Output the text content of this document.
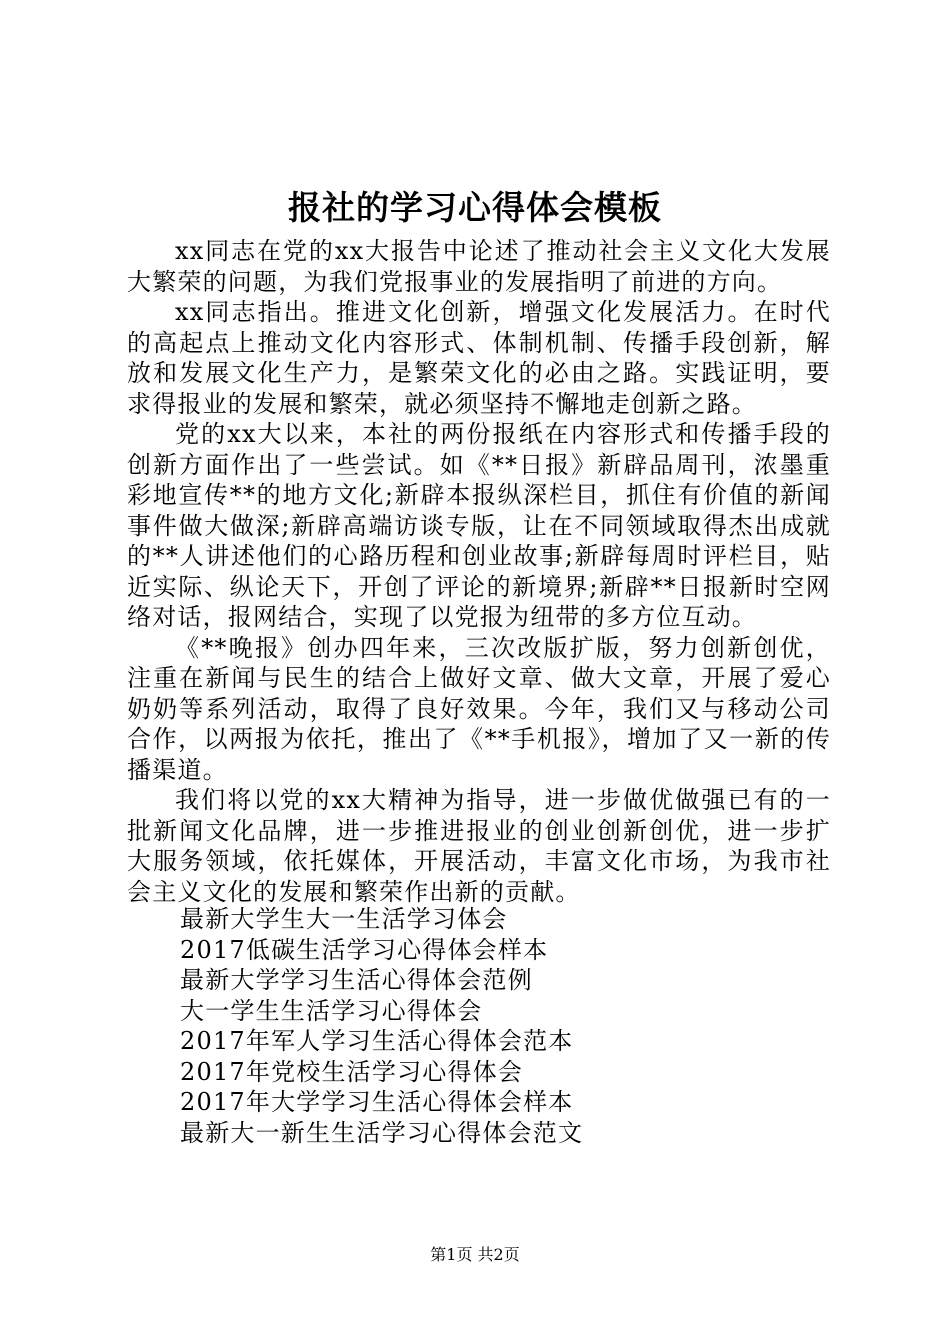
报社的学习心得体会模板

xx同志在党的xx大报告中论述了推动社会主义文化大发展大繁荣的问题，为我们党报事业的发展指明了前进的方向。

xx同志指出。推进文化创新，增强文化发展活力。在时代的高起点上推动文化内容形式、体制机制、传播手段创新，解放和发展文化生产力，是繁荣文化的必由之路。实践证明，要求得报业的发展和繁荣，就必须坚持不懈地走创新之路。

党的xx大以来，本社的两份报纸在内容形式和传播手段的创新方面作出了一些尝试。如《**日报》新辟品周刊，浓墨重彩地宣传**的地方文化;新辟本报纵深栏目，抓住有价值的新闻事件做大做深;新辟高端访谈专版，让在不同领域取得杰出成就的**人讲述他们的心路历程和创业故事;新辟每周时评栏目，贴近实际、纵论天下，开创了评论的新境界;新辟**日报新时空网络对话，报网结合，实现了以党报为纽带的多方位互动。

《**晚报》创办四年来，三次改版扩版，努力创新创优，注重在新闻与民生的结合上做好文章、做大文章，开展了爱心奶奶等系列活动，取得了良好效果。今年，我们又与移动公司合作，以两报为依托，推出了《**手机报》，增加了又一新的传播渠道。

我们将以党的xx大精神为指导，进一步做优做强已有的一批新闻文化品牌，进一步推进报业的创业创新创优，进一步扩大服务领域，依托媒体，开展活动，丰富文化市场，为我市社会主义文化的发展和繁荣作出新的贡献。

最新大学生大一生活学习体会
2017低碳生活学习心得体会样本
最新大学学习生活心得体会范例
大一学生生活学习心得体会
2017年军人学习生活心得体会范本
2017年党校生活学习心得体会
2017年大学学习生活心得体会样本
最新大一新生生活学习心得体会范文
第1页 共2页
